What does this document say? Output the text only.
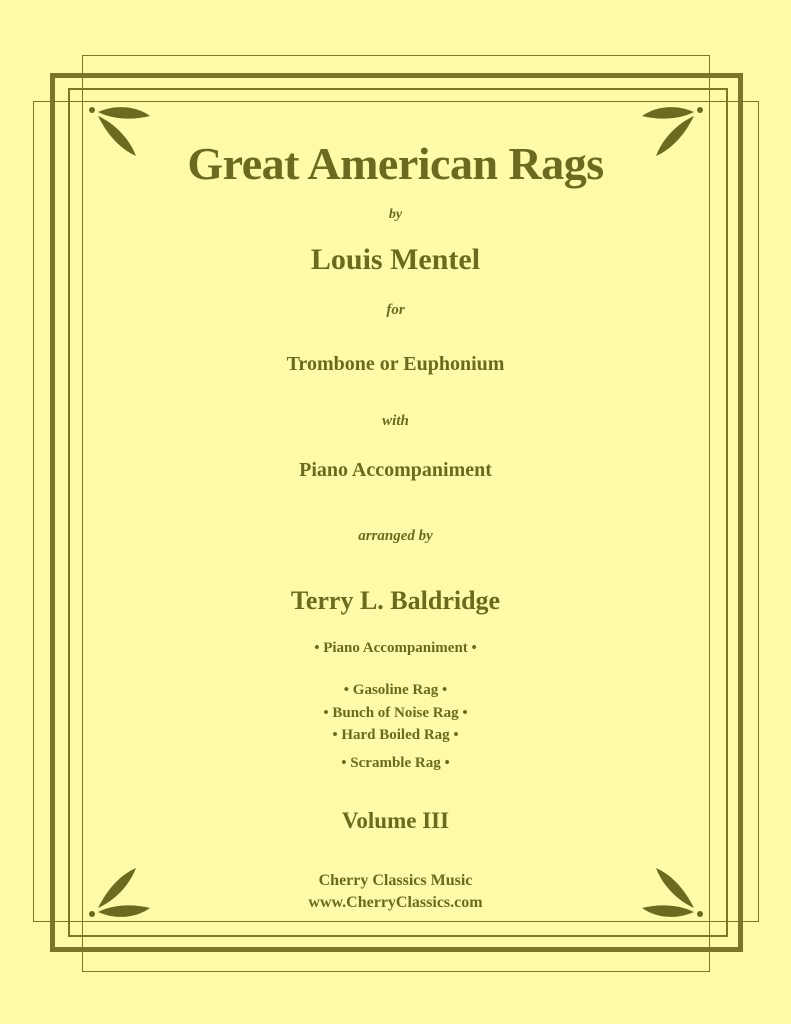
Great American Rags
by
Louis Mentel
for
Trombone or Euphonium
with
Piano Accompaniment
arranged by
Terry L. Baldridge
• Piano Accompaniment •
• Gasoline Rag •
• Bunch of Noise Rag •
• Hard Boiled Rag •
• Scramble Rag •
Volume III
Cherry Classics Music
www.CherryClassics.com
